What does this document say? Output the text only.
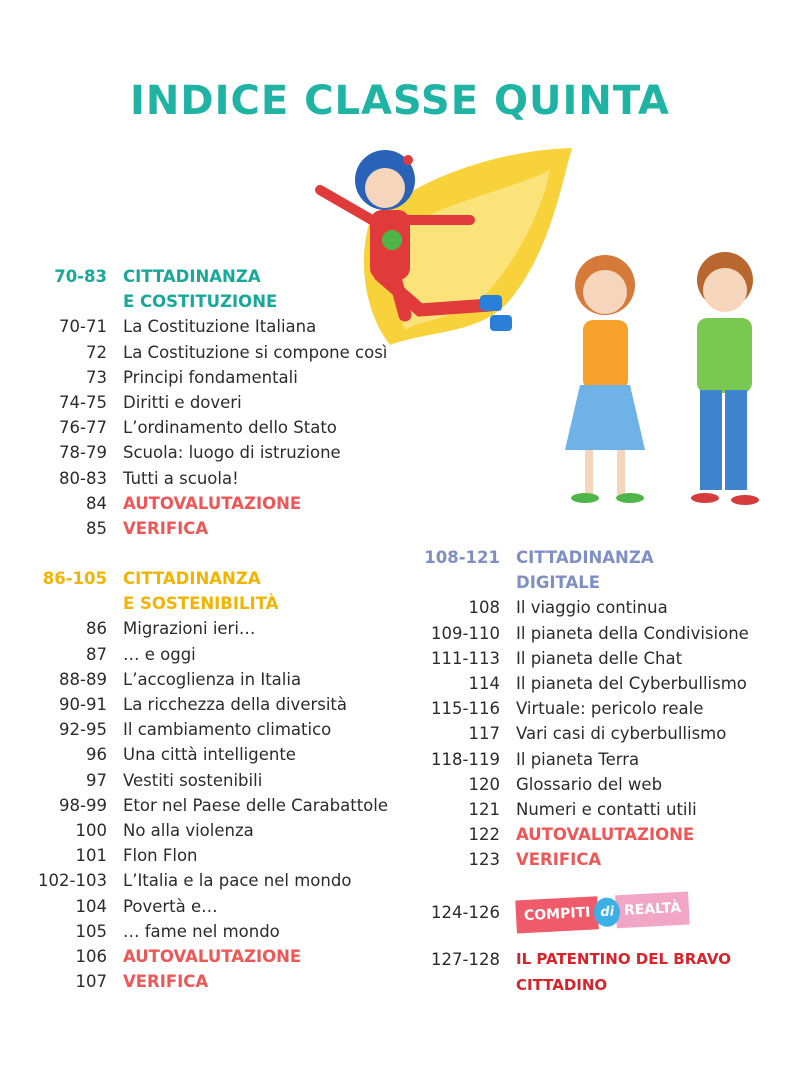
INDICE CLASSE QUINTA
70-83 CITTADINANZA
E COSTITUZIONE
70-71 La Costituzione Italiana
72 La Costituzione si compone così
73 Principi fondamentali
74-75 Diritti e doveri
76-77 L’ordinamento dello Stato
78-79 Scuola: luogo di istruzione
80-83 Tutti a scuola!
84 AUTOVALUTAZIONE
85 VERIFICA
86-105 CITTADINANZA
E SOSTENIBILITÀ
86 Migrazioni ieri…
87 … e oggi
88-89 L’accoglienza in Italia
90-91 La ricchezza della diversità
92-95 Il cambiamento climatico
96 Una città intelligente
97 Vestiti sostenibili
98-99 Etor nel Paese delle Carabattole
100 No alla violenza
101 Flon Flon
102-103 L’Italia e la pace nel mondo
104 Povertà e…
105 … fame nel mondo
106 AUTOVALUTAZIONE
107 VERIFICA
108-121 CITTADINANZA
DIGITALE
108 Il viaggio continua
109-110 Il pianeta della Condivisione
111-113 Il pianeta delle Chat
114 Il pianeta del Cyberbullismo
115-116 Virtuale: pericolo reale
117 Vari casi di cyberbullismo
118-119 Il pianeta Terra
120 Glossario del web
121 Numeri e contatti utili
122 AUTOVALUTAZIONE
123 VERIFICA
124-126	COMPITI di REALTÀ
127-128	IL PATENTINO DEL BRAVO
CITTADINO
